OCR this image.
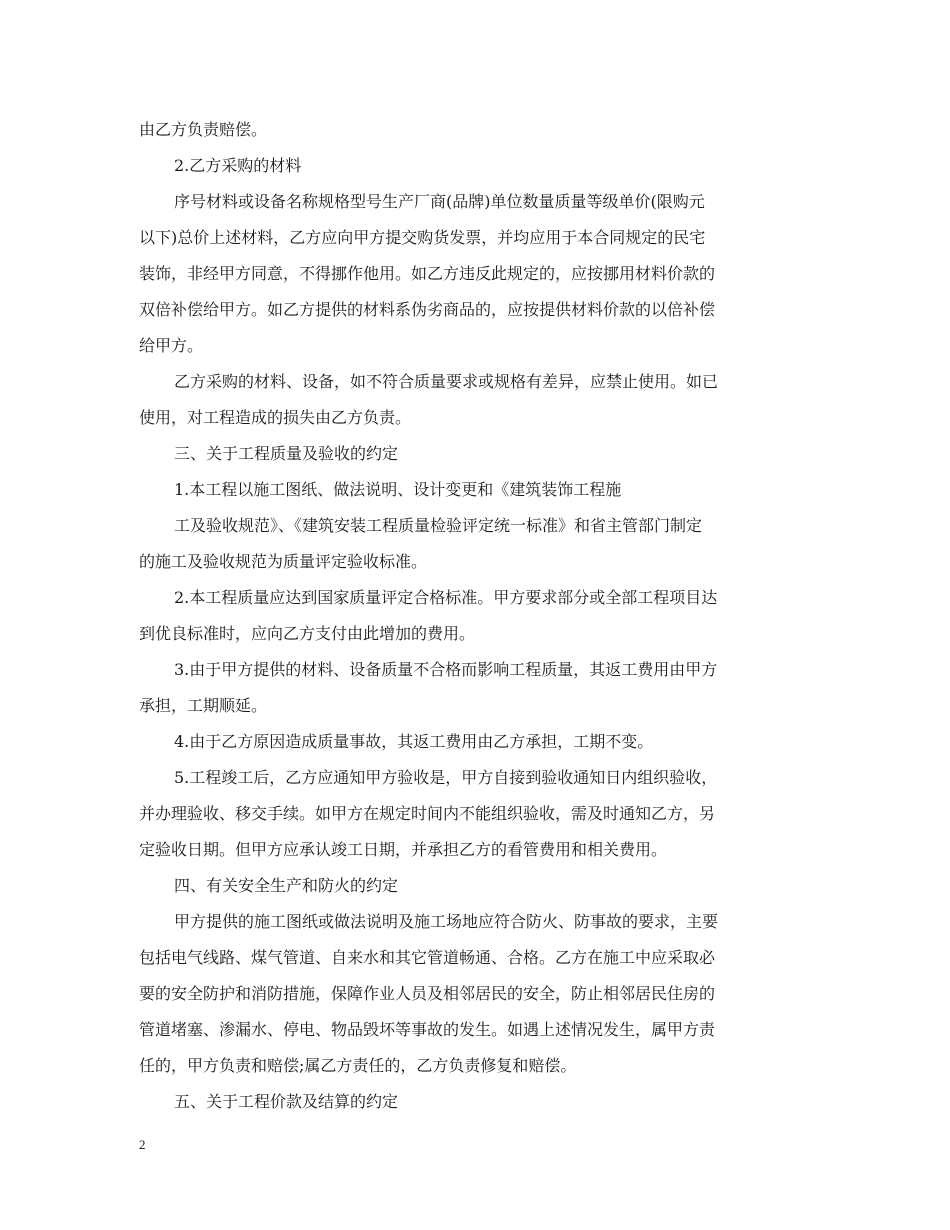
由乙方负责赔偿。
2.乙方采购的材料
序号材料或设备名称规格型号生产厂商(品牌)单位数量质量等级单价(限购元
以下)总价上述材料，乙方应向甲方提交购货发票，并均应用于本合同规定的民宅
装饰，非经甲方同意，不得挪作他用。如乙方违反此规定的，应按挪用材料价款的
双倍补偿给甲方。如乙方提供的材料系伪劣商品的，应按提供材料价款的以倍补偿
给甲方。
乙方采购的材料、设备，如不符合质量要求或规格有差异，应禁止使用。如已
使用，对工程造成的损失由乙方负责。
三、关于工程质量及验收的约定
1.本工程以施工图纸、做法说明、设计变更和《建筑装饰工程施
工及验收规范》、《建筑安装工程质量检验评定统一标准》和省主管部门制定
的施工及验收规范为质量评定验收标准。
2.本工程质量应达到国家质量评定合格标准。甲方要求部分或全部工程项目达
到优良标准时，应向乙方支付由此增加的费用。
3.由于甲方提供的材料、设备质量不合格而影响工程质量，其返工费用由甲方
承担，工期顺延。
4.由于乙方原因造成质量事故，其返工费用由乙方承担，工期不变。
5.工程竣工后，乙方应通知甲方验收是，甲方自接到验收通知日内组织验收，
并办理验收、移交手续。如甲方在规定时间内不能组织验收，需及时通知乙方，另
定验收日期。但甲方应承认竣工日期，并承担乙方的看管费用和相关费用。
四、有关安全生产和防火的约定
甲方提供的施工图纸或做法说明及施工场地应符合防火、防事故的要求，主要
包括电气线路、煤气管道、自来水和其它管道畅通、合格。乙方在施工中应采取必
要的安全防护和消防措施，保障作业人员及相邻居民的安全，防止相邻居民住房的
管道堵塞、渗漏水、停电、物品毁坏等事故的发生。如遇上述情况发生，属甲方责
任的，甲方负责和赔偿;属乙方责任的，乙方负责修复和赔偿。
五、关于工程价款及结算的约定
2
